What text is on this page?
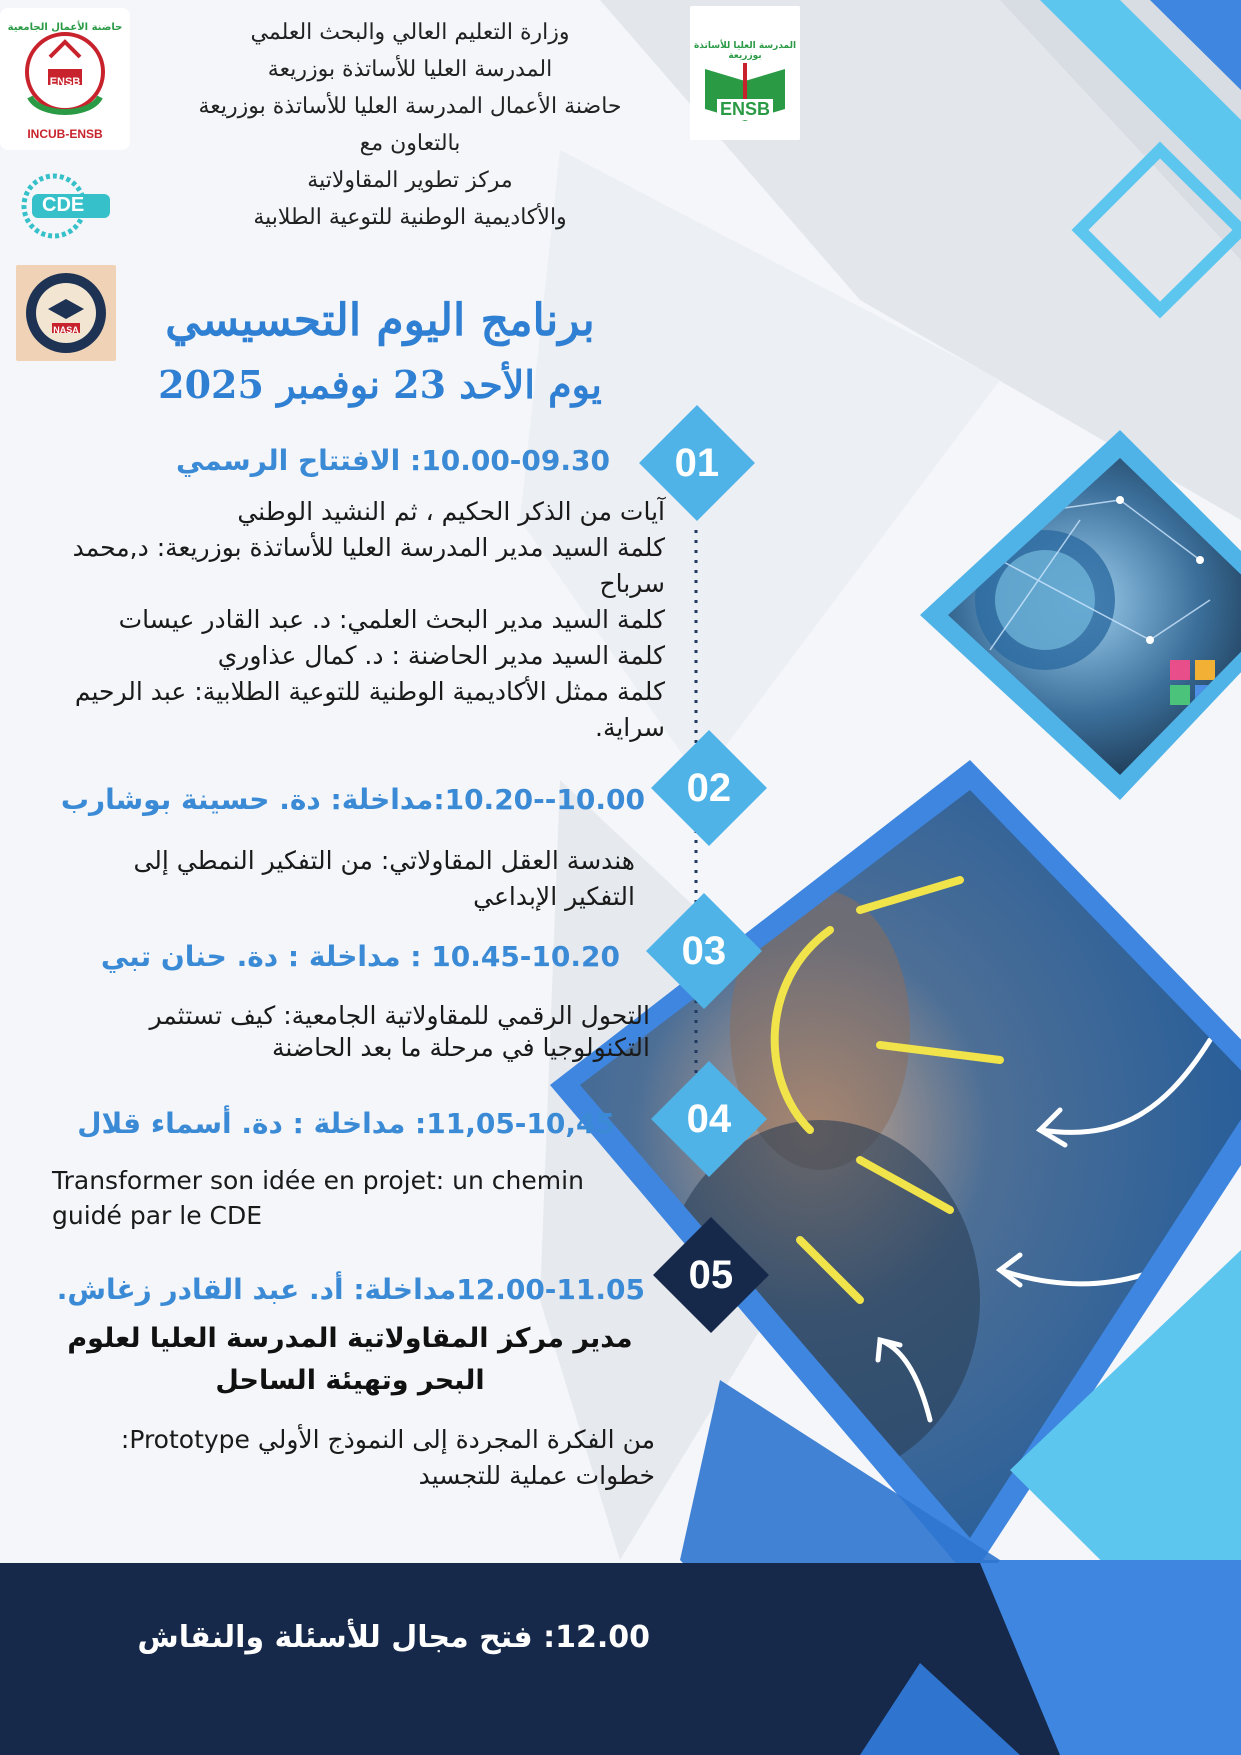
حاضنة الأعمال الجامعية
ENSB
INCUB-ENSB
CDE
NASA
المدرسة العليا للأساتذة بوزريعة
ENSB
وزارة التعليم العالي والبحث العلمي
المدرسة العليا للأساتذة بوزريعة
حاضنة الأعمال المدرسة العليا للأساتذة بوزريعة
بالتعاون مع
مركز تطوير المقاولاتية
والأكاديمية الوطنية للتوعية الطلابية
برنامج اليوم التحسيسي
يوم الأحد 23 نوفمبر 2025
01
02
03
04
05
10.00-09.30: الافتتاح الرسمي
آيات من الذكر الحكيم ، ثم النشيد الوطني
كلمة السيد مدير المدرسة العليا للأساتذة بوزريعة: د,محمد سرباح
كلمة السيد مدير البحث العلمي: د. عبد القادر عيسات
كلمة السيد مدير الحاضنة : د. كمال عذاوري
كلمة ممثل الأكاديمية الوطنية للتوعية الطلابية: عبد الرحيم سراية.
10.00--10.20:مداخلة: دة. حسينة بوشارب
هندسة العقل المقاولاتي: من التفكير النمطي إلى التفكير الإبداعي
10.45-10.20 : مداخلة : دة. حنان تبي
التحول الرقمي للمقاولاتية الجامعية: كيف تستثمر التكنولوجيا في مرحلة ما بعد الحاضنة
11,05-10,45: مداخلة : دة. أسماء قلال
Transformer son idée en projet: un chemin guidé par le CDE
12.00-11.05مداخلة: أد. عبد القادر زغاش.
مدير مركز المقاولاتية المدرسة العليا لعلوم البحر وتهيئة الساحل
من الفكرة المجردة إلى النموذج الأولي Prototype: خطوات عملية للتجسيد
12.00: فتح مجال للأسئلة والنقاش
